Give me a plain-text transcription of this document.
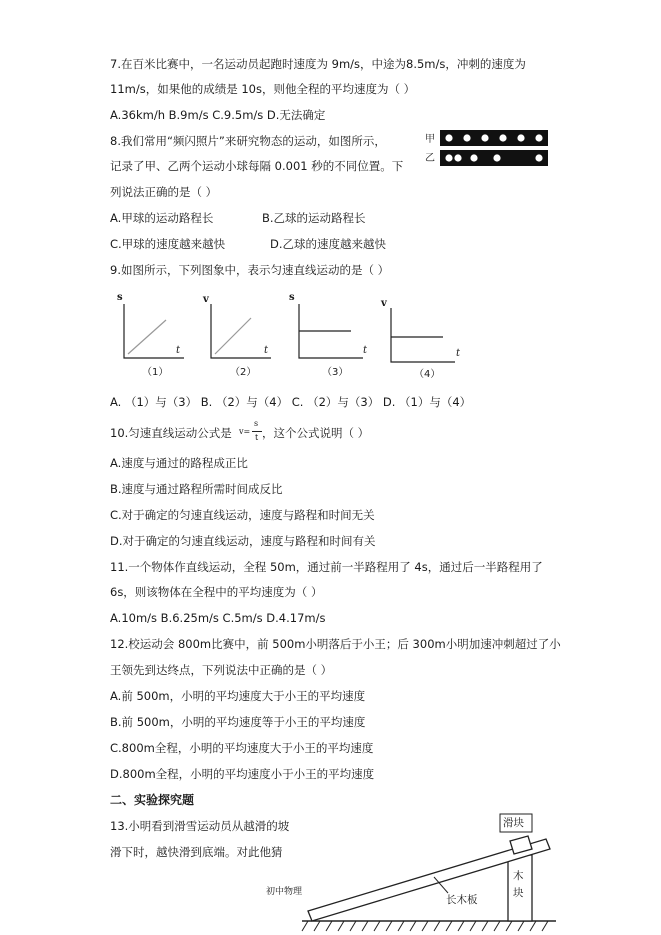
7.在百米比赛中，一名运动员起跑时速度为 9m/s，中途为8.5m/s，冲刺的速度为
11m/s，如果他的成绩是 10s，则他全程的平均速度为（ ）
A.36km/h B.9m/s C.9.5m/s D.无法确定
8.我们常用“频闪照片”来研究物态的运动，如图所示，
记录了甲、乙两个运动小球每隔 0.001 秒的不同位置。下
列说法正确的是（ ）
甲
乙
A.甲球的运动路程长	B.乙球的运动路程长
C.甲球的速度越来越快	D.乙球的速度越来越快
9.如图所示，下列图象中，表示匀速直线运动的是（ ）
s
t
（1）
v
t
（2）
s
t
（3）
v
t
（4）
A. （1）与（3） B. （2）与（4） C. （2）与（3） D. （1）与（4）
10.匀速直线运动公式是 v=
s
t ，这个公式说明（ ）
A.速度与通过的路程成正比
B.速度与通过路程所需时间成反比
C.对于确定的匀速直线运动，速度与路程和时间无关
D.对于确定的匀速直线运动，速度与路程和时间有关
11.一个物体作直线运动，全程 50m，通过前一半路程用了 4s，通过后一半路程用了
6s，则该物体在全程中的平均速度为（ ）
A.10m/s B.6.25m/s C.5m/s D.4.17m/s
12.校运动会 800m比赛中，前 500m小明落后于小王；后 300m小明加速冲刺超过了小
王领先到达终点，下列说法中正确的是（ ）
A.前 500m，小明的平均速度大于小王的平均速度
B.前 500m，小明的平均速度等于小王的平均速度
C.800m全程，小明的平均速度大于小王的平均速度
D.800m全程，小明的平均速度小于小王的平均速度
二、实验探究题
13.小明看到滑雪运动员从越滑的坡
滑下时，越快滑到底端。对此他猜
滑块
长木板
木
块
初中物理
